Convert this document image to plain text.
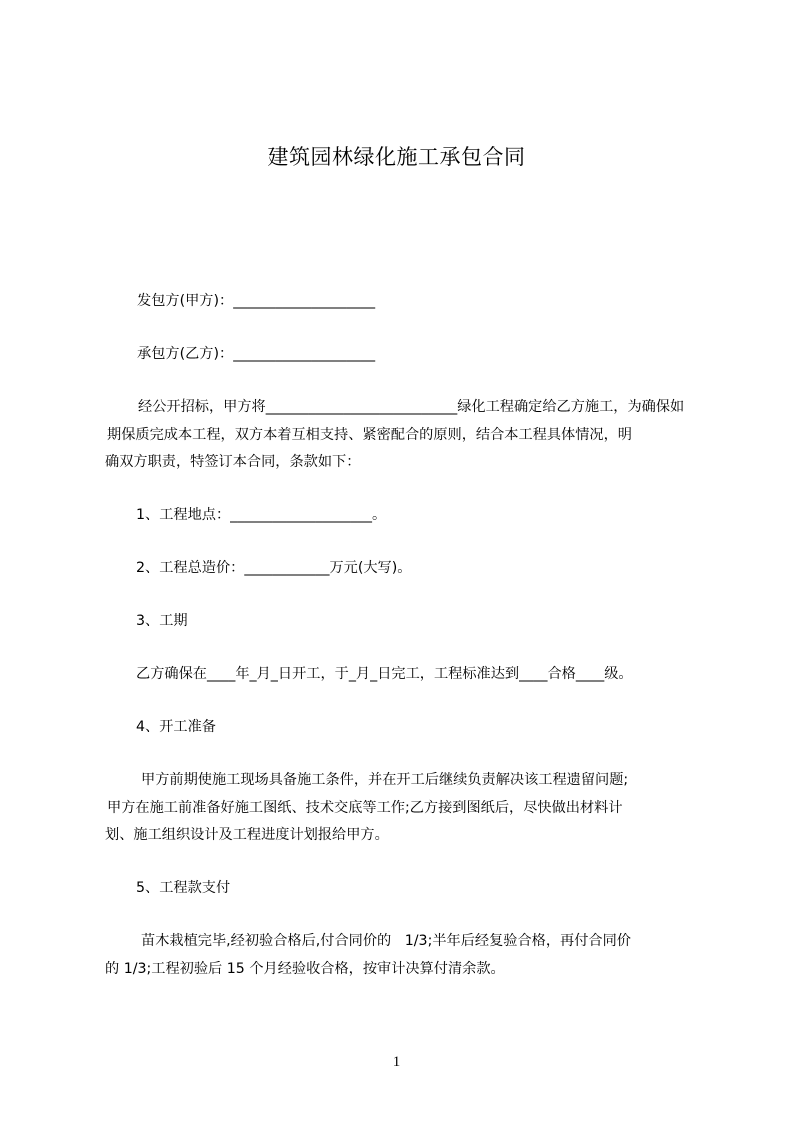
建筑园林绿化施工承包合同
发包方(甲方)：____________________
承包方(乙方)：____________________
经公开招标，甲方将___________________________绿化工程确定给乙方施工，为确保如
期保质完成本工程，双方本着互相支持、紧密配合的原则，结合本工程具体情况，明
确双方职责，特签订本合同，条款如下：
1、工程地点：____________________。
2、工程总造价：____________万元(大写)。
3、工期
乙方确保在____年_月_日开工，于_月_日完工，工程标准达到____合格____级。
4、开工准备
甲方前期使施工现场具备施工条件，并在开工后继续负责解决该工程遗留问题;
甲方在施工前准备好施工图纸、技术交底等工作;乙方接到图纸后，尽快做出材料计
划、施工组织设计及工程进度计划报给甲方。
5、工程款支付
苗木栽植完毕,经初验合格后,付合同价的   1/3;半年后经复验合格，再付合同价
的 1/3;工程初验后 15 个月经验收合格，按审计决算付清余款。
1
